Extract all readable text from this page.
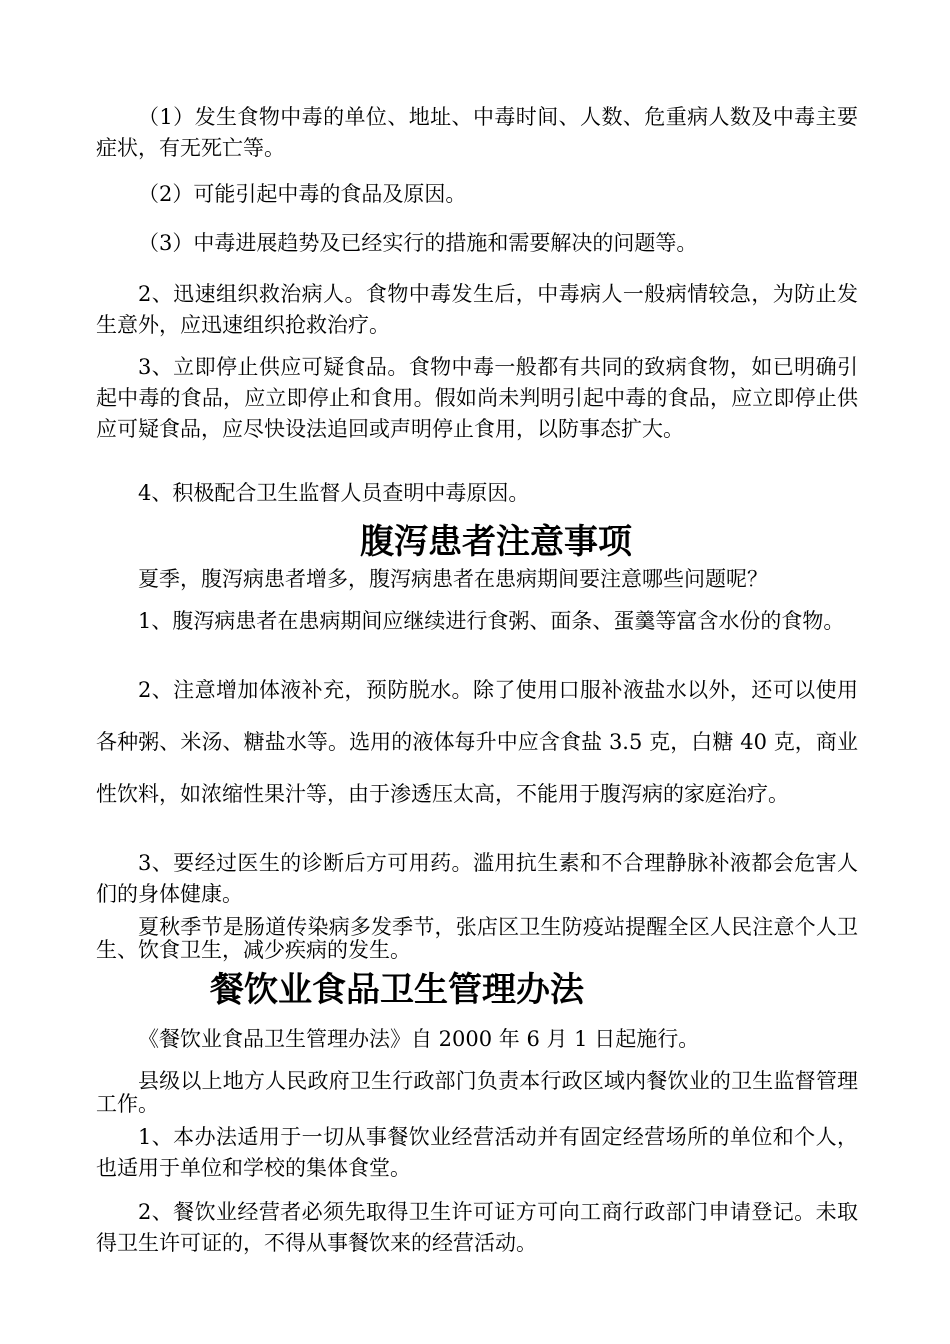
（1）发生食物中毒的单位、地址、中毒时间、人数、危重病人数及中毒主要症状，有无死亡等。

（2）可能引起中毒的食品及原因。

（3）中毒进展趋势及已经实行的措施和需要解决的问题等。

2、迅速组织救治病人。食物中毒发生后，中毒病人一般病情较急，为防止发生意外，应迅速组织抢救治疗。

3、立即停止供应可疑食品。食物中毒一般都有共同的致病食物，如已明确引起中毒的食品，应立即停止和食用。假如尚未判明引起中毒的食品，应立即停止供应可疑食品，应尽快设法追回或声明停止食用，以防事态扩大。

4、积极配合卫生监督人员查明中毒原因。

腹泻患者注意事项

夏季，腹泻病患者增多，腹泻病患者在患病期间要注意哪些问题呢？

1、腹泻病患者在患病期间应继续进行食粥、面条、蛋羹等富含水份的食物。

2、注意增加体液补充，预防脱水。除了使用口服补液盐水以外，还可以使用各种粥、米汤、糖盐水等。选用的液体每升中应含食盐 3.5 克，白糖 40 克，商业性饮料，如浓缩性果汁等，由于渗透压太高，不能用于腹泻病的家庭治疗。

3、要经过医生的诊断后方可用药。滥用抗生素和不合理静脉补液都会危害人们的身体健康。

夏秋季节是肠道传染病多发季节，张店区卫生防疫站提醒全区人民注意个人卫生、饮食卫生，减少疾病的发生。

餐饮业食品卫生管理办法

《餐饮业食品卫生管理办法》自 2000 年 6 月 1 日起施行。

县级以上地方人民政府卫生行政部门负责本行政区域内餐饮业的卫生监督管理工作。

1、本办法适用于一切从事餐饮业经营活动并有固定经营场所的单位和个人，也适用于单位和学校的集体食堂。

2、餐饮业经营者必须先取得卫生许可证方可向工商行政部门申请登记。未取得卫生许可证的，不得从事餐饮来的经营活动。
